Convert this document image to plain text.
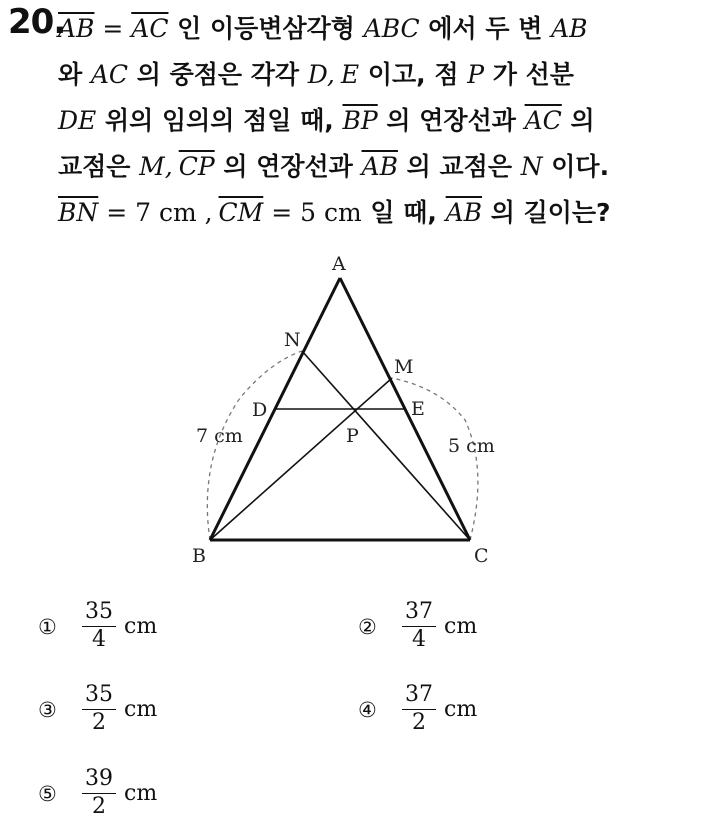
20.
$\overline{AB} = \overline{AC}$ 인 이등변삼각형 ABC 에서 두 변 AB
와 AC 의 중점은 각각 D, E 이고, 점 P 가 선분
DE 위의 임의의 점일 때, $\overline{BP}$ 의 연장선과 $\overline{AC}$ 의
교점은 M, $\overline{CP}$ 의 연장선과 $\overline{AB}$ 의 교점은 N 이다.
$\overline{BN} = 7$ cm , $\overline{CM} = 5$ cm 일 때, $\overline{AB}$ 의 길이는?
A
B	C
D	E
M
N
P
7 cm	5 cm
①	$\frac{35}{4}$ cm	②	$\frac{37}{4}$ cm
③	$\frac{35}{2}$ cm	④	$\frac{37}{2}$ cm
⑤	$\frac{39}{2}$ cm
